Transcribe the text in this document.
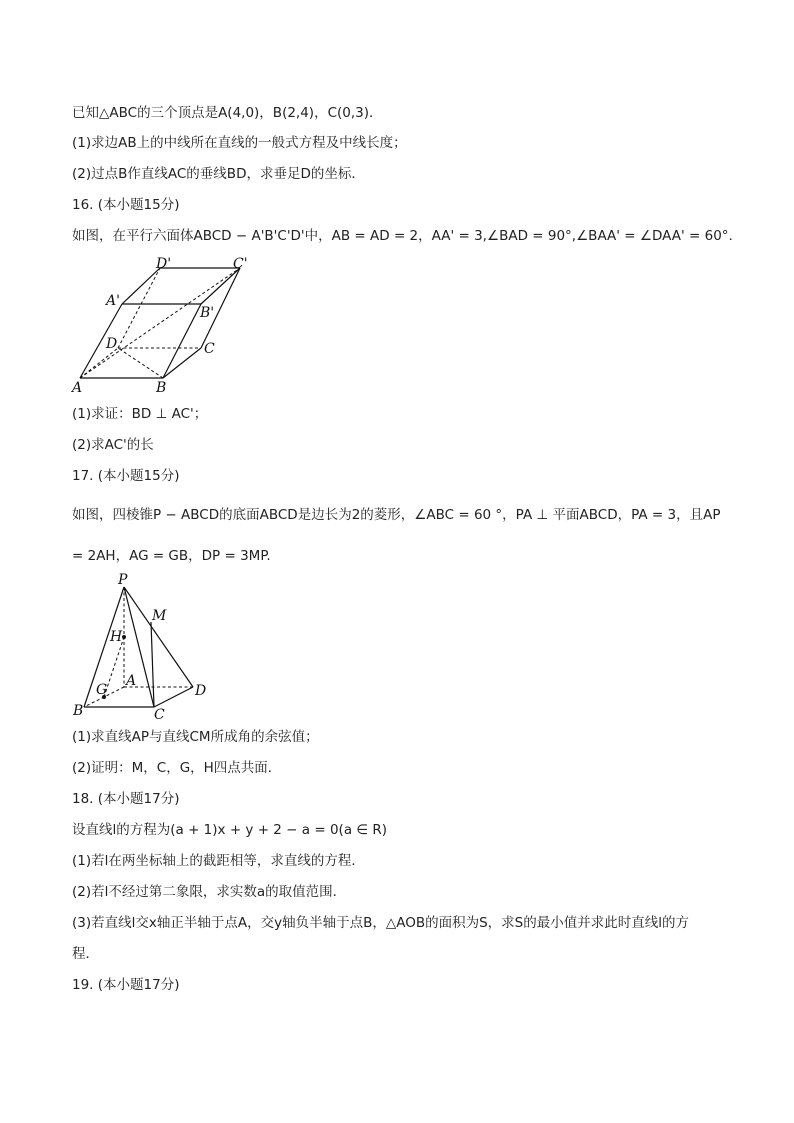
已知△ABC的三个顶点是A(4,0)，B(2,4)，C(0,3)．
(1)求边AB上的中线所在直线的一般式方程及中线长度；
(2)过点B作直线AC的垂线BD，求垂足D的坐标．
16. (本小题15分)
如图，在平行六面体ABCD − A'B'C'D'中，AB = AD = 2，AA' = 3,∠BAD = 90°,∠BAA' = ∠DAA' = 60°.
A	B
C
D
A'
B'
C'
D'
(1)求证：BD ⊥ AC'；
(2)求AC'的长
17. (本小题15分)
如图，四棱锥P − ABCD的底面ABCD是边长为2的菱形，∠ABC = 60 °，PA ⊥ 平面ABCD，PA = 3，且AP
= 2AH，AG = GB，DP = 3MP.
P
M
H
A
G
B	C
D
(1)求直线AP与直线CM所成角的余弦值；
(2)证明：M，C，G，H四点共面．
18. (本小题17分)
设直线l的方程为(a + 1)x + y + 2 − a = 0(a ∈ R)
(1)若l在两坐标轴上的截距相等，求直线的方程．
(2)若l不经过第二象限，求实数a的取值范围．
(3)若直线l交x轴正半轴于点A，交y轴负半轴于点B，△AOB的面积为S，求S的最小值并求此时直线l的方
程．
19. (本小题17分)
